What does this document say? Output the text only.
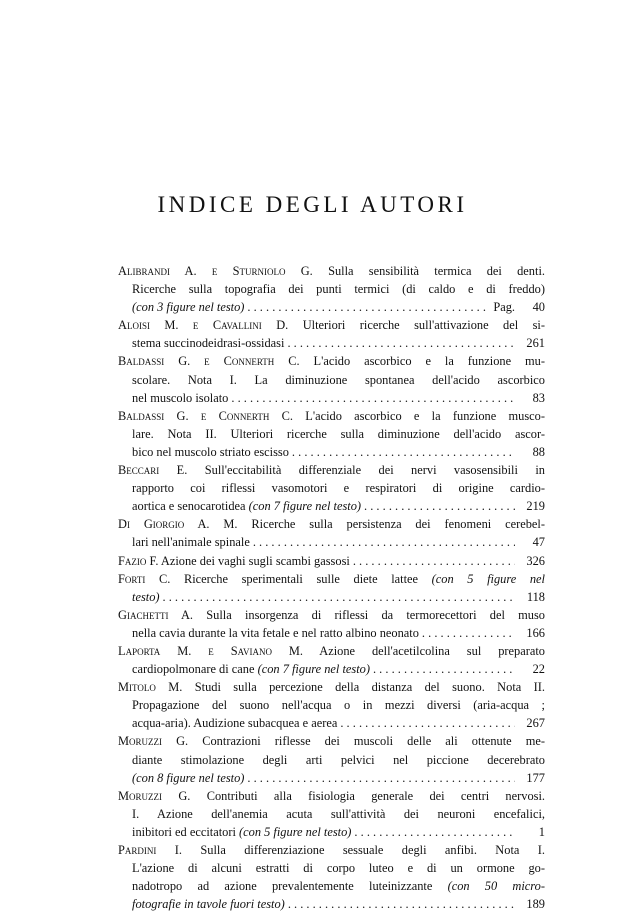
INDICE DEGLI AUTORI
Alibrandi A. e Sturniolo G. Sulla sensibilità termica dei denti.
Ricerche sulla topografia dei punti termici (di caldo e di freddo)
(con 3 figure nel testo) . . .	Pag.	40
Aloisi M. e Cavallini D. Ulteriori ricerche sull'attivazione del si-
stema succinodeidrasi-ossidasi . . .	261
Baldassi G. e Connerth C. L'acido ascorbico e la funzione mu-
scolare. Nota I. La diminuzione spontanea dell'acido ascorbico
nel muscolo isolato . . .	83
Baldassi G. e Connerth C. L'acido ascorbico e la funzione musco-
lare. Nota II. Ulteriori ricerche sulla diminuzione dell'acido ascor-
bico nel muscolo striato escisso . . .	88
Beccari E. Sull'eccitabilità differenziale dei nervi vasosensibili in
rapporto coi riflessi vasomotori e respiratori di origine cardio-
aortica e senocarotidea (con 7 figure nel testo) . . .	219
Di Giorgio A. M. Ricerche sulla persistenza dei fenomeni cerebel-
lari nell'animale spinale . . .	47
Fazio F. Azione dei vaghi sugli scambi gassosi . . .	326
Forti C. Ricerche sperimentali sulle diete lattee (con 5 figure nel
testo) . . .	118
Giachetti A. Sulla insorgenza di riflessi da termorecettori del muso
nella cavia durante la vita fetale e nel ratto albino neonato . . .	166
Laporta M. e Saviano M. Azione dell'acetilcolina sul preparato
cardiopolmonare di cane (con 7 figure nel testo) . . .	22
Mitolo M. Studi sulla percezione della distanza del suono. Nota II.
Propagazione del suono nell'acqua o in mezzi diversi (aria-acqua ;
acqua-aria). Audizione subacquea e aerea . . .	267
Moruzzi G. Contrazioni riflesse dei muscoli delle ali ottenute me-
diante stimolazione degli arti pelvici nel piccione decerebrato
(con 8 figure nel testo) . . .	177
Moruzzi G. Contributi alla fisiologia generale dei centri nervosi.
I. Azione dell'anemia acuta sull'attività dei neuroni encefalici,
inibitori ed eccitatori (con 5 figure nel testo) . . .	1
Pardini I. Sulla differenziazione sessuale degli anfibi. Nota I.
L'azione di alcuni estratti di corpo luteo e di un ormone go-
nadotropo ad azione prevalentemente luteinizzante (con 50 micro-
fotografie in tavole fuori testo) . . .	189
